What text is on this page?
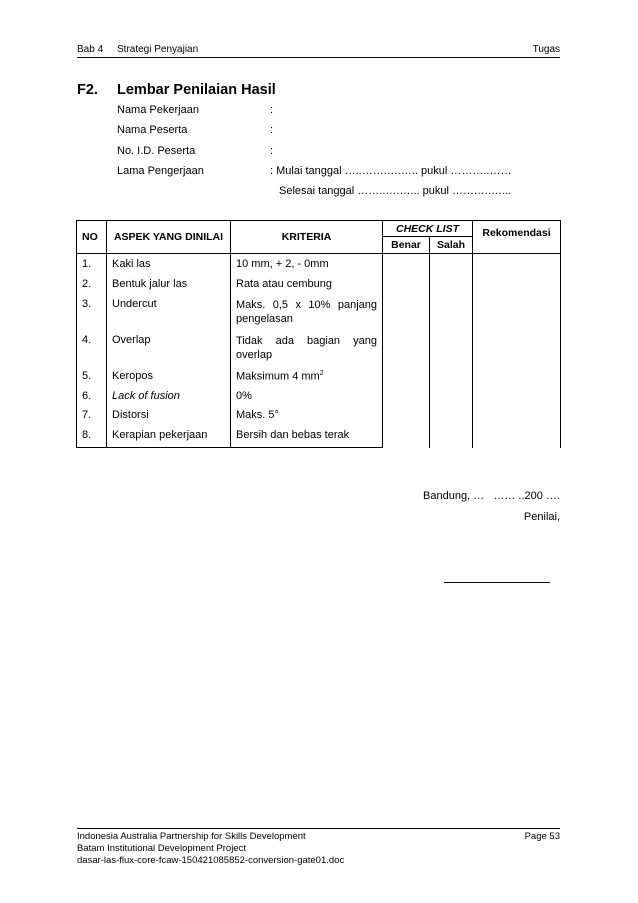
Bab 4 Strategi Penyajian	Tugas
F2. Lembar Penilaian Hasil
Nama Pekerjaan	:
Nama Peserta	:
No. I.D. Peserta	:
Lama Pengerjaan	: Mulai tanggal …..…….….….. pukul ………..……
Selesai tanggal ……..….…... pukul …….….…...
NO	ASPEK YANG DINILAI	KRITERIA	CHECK LIST		Rekomendasi
			Benar	Salah	
1.	Kaki las	10 mm, + 2, - 0mm			
2.	Bentuk jalur las	Rata atau cembung			
3.	Undercut	Maks. 0,5 x 10% panjang pengelasan			
4.	Overlap	Tidak ada bagian yang overlap			
5.	Keropos	Maksimum 4 $mm^2$
6.	Lack of fusion	0%			
7.	Distorsi	Maks. 5°			
8.	Kerapian pekerjaan	Bersih dan bebas terak			
Bandung, …   …… ..200 ….
Penilai,
Indonesia Australia Partnership for Skills Development	Page 53
Batam Institutional Development Project
dasar-las-flux-core-fcaw-150421085852-conversion-gate01.doc
